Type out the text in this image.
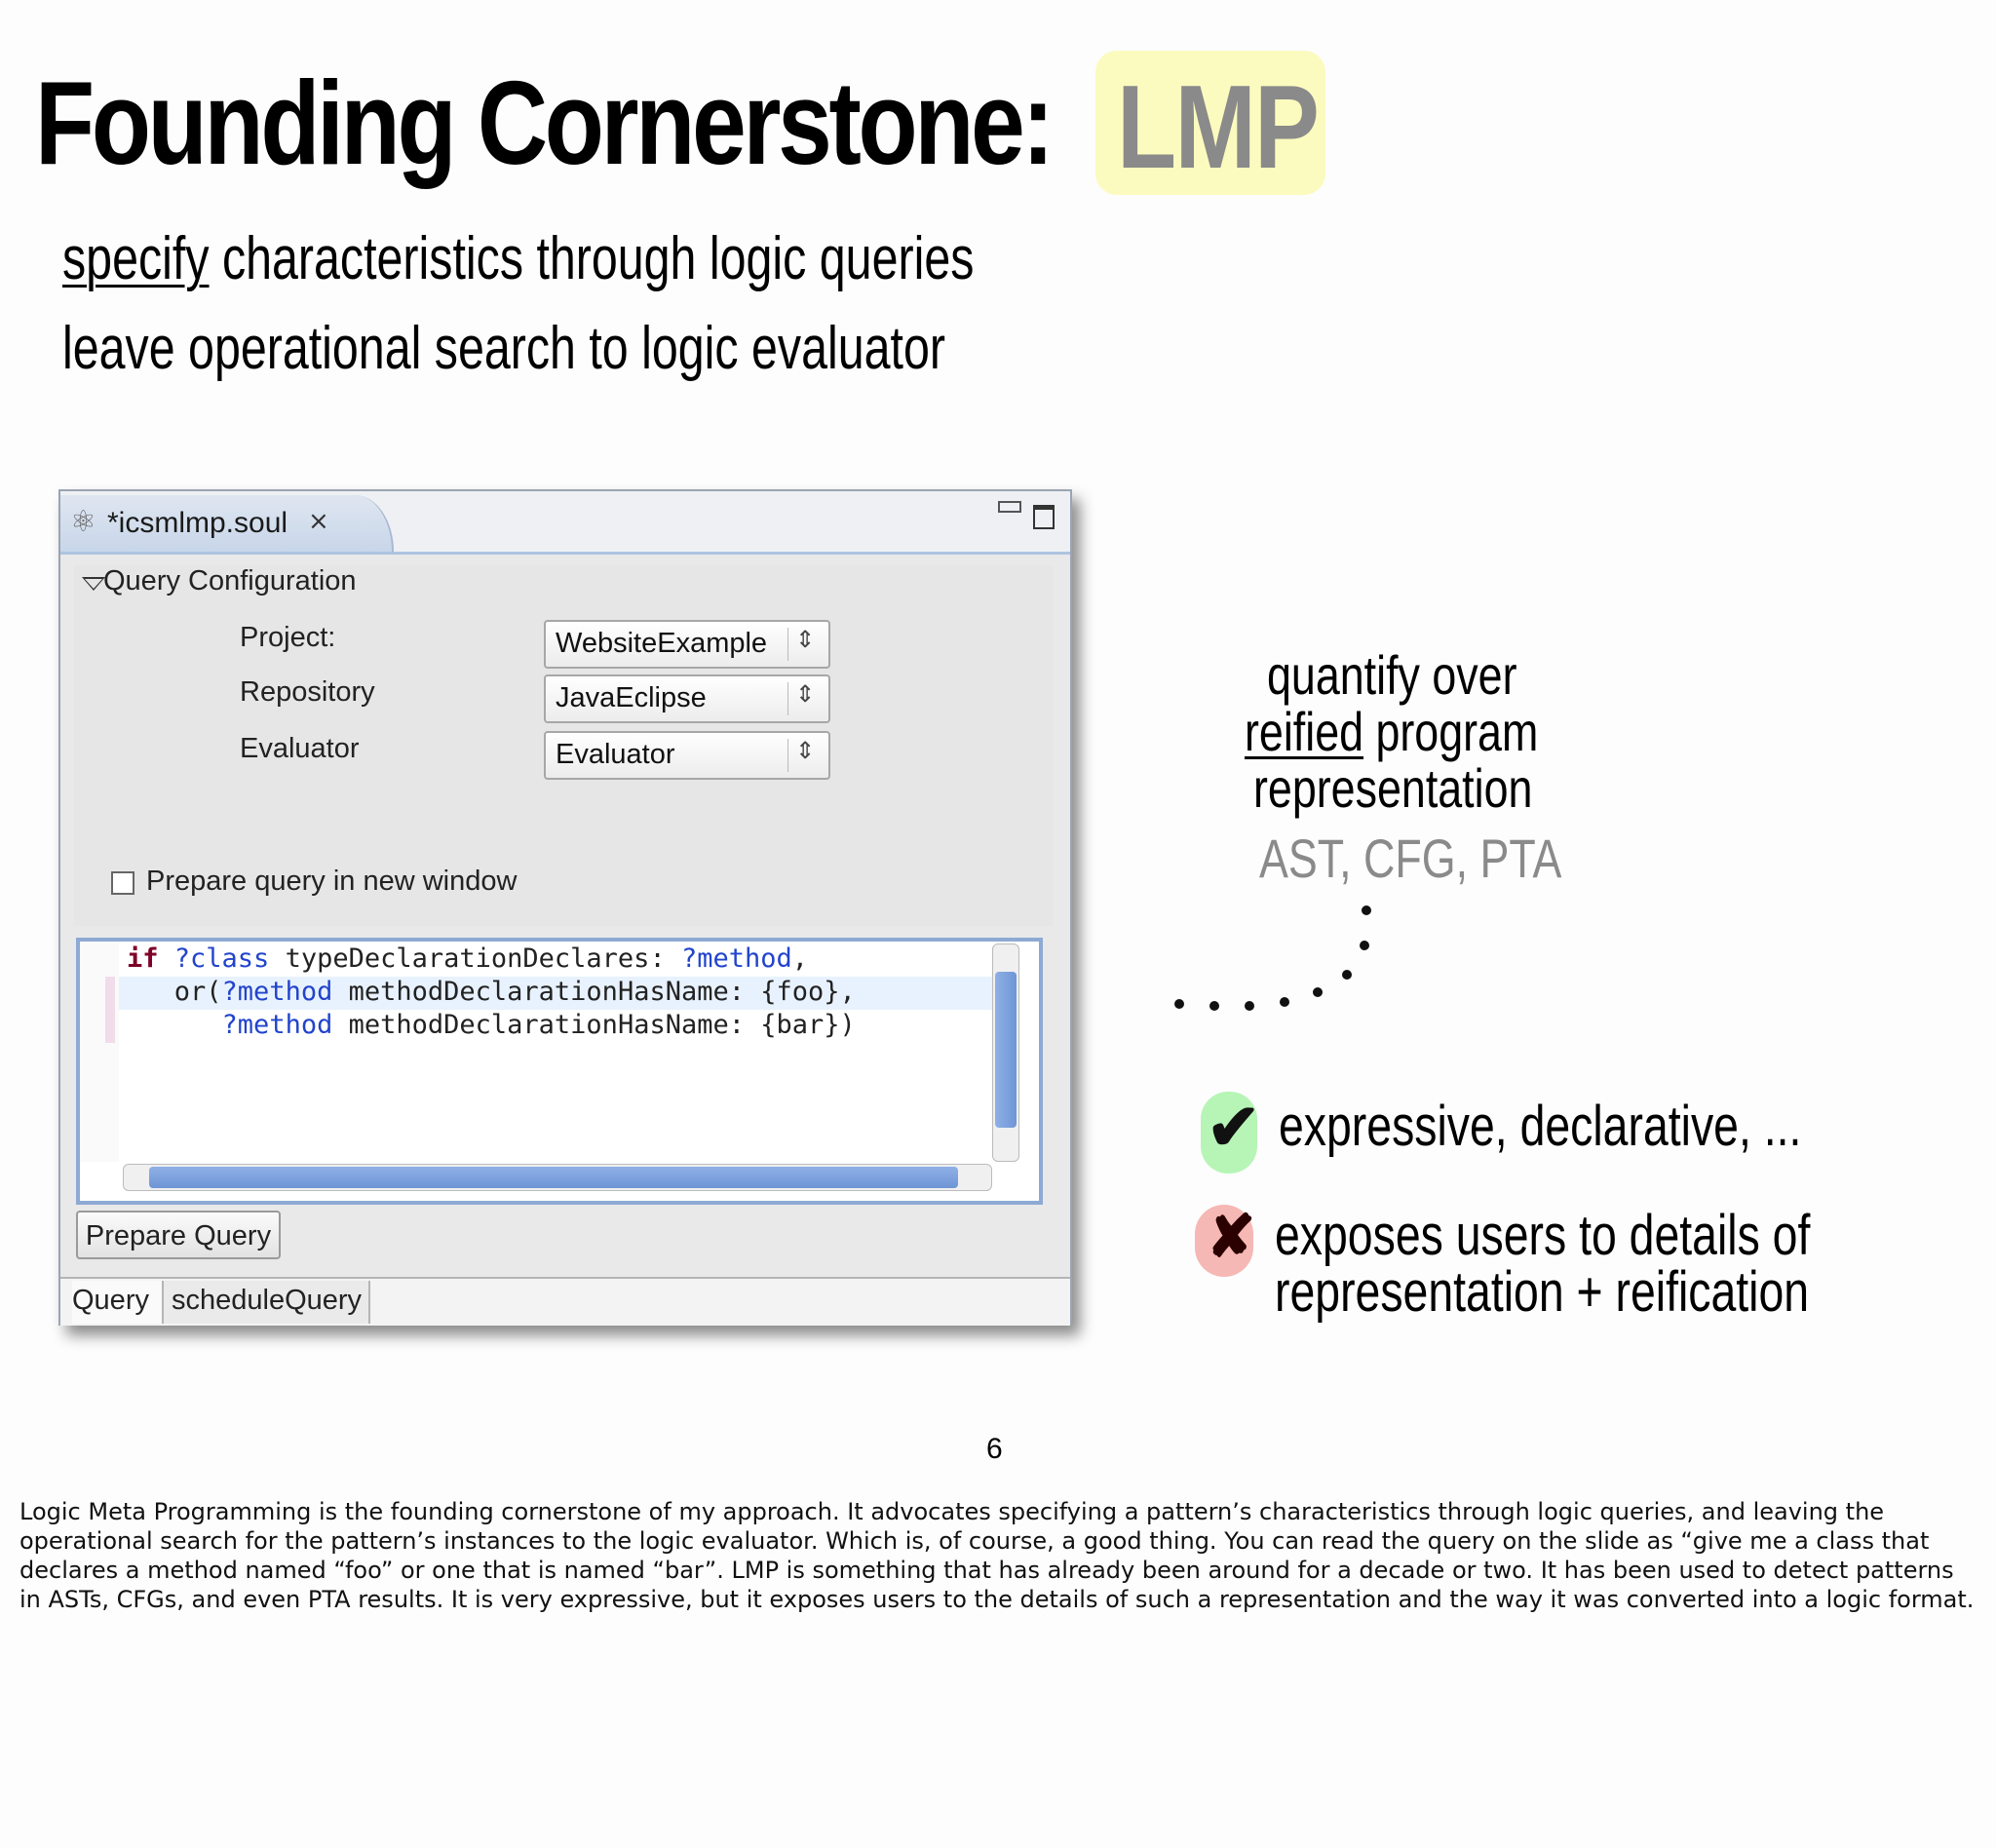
Founding Cornerstone: LMP
specify characteristics through logic queries
leave operational search to logic evaluator
⚛ *icsmlmp.soul ⨯
Query Configuration
Project:	WebsiteExample ⇕
Repository	JavaEclipse	⇕
Evaluator	Evaluator	⇕
Prepare query in new window
if ?class typeDeclarationDeclares: ?method,
or(?method methodDeclarationHasName: {foo},
?method methodDeclarationHasName: {bar})
Prepare Query
Query scheduleQuery
quantify over
reified program
representation
AST, CFG, PTA
✔ expressive, declarative, ...
✘ exposes users to details of
representation + reification
6

Logic Meta Programming is the founding cornerstone of my approach. It advocates specifying a pattern’s characteristics through logic queries, and leaving the operational search for the pattern’s instances to the logic evaluator. Which is, of course, a good thing. You can read the query on the slide as “give me a class that declares a method named “foo” or one that is named “bar”. LMP is something that has already been around for a decade or two. It has been used to detect patterns in ASTs, CFGs, and even PTA results. It is very expressive, but it exposes users to the details of such a representation and the way it was converted into a logic format.
